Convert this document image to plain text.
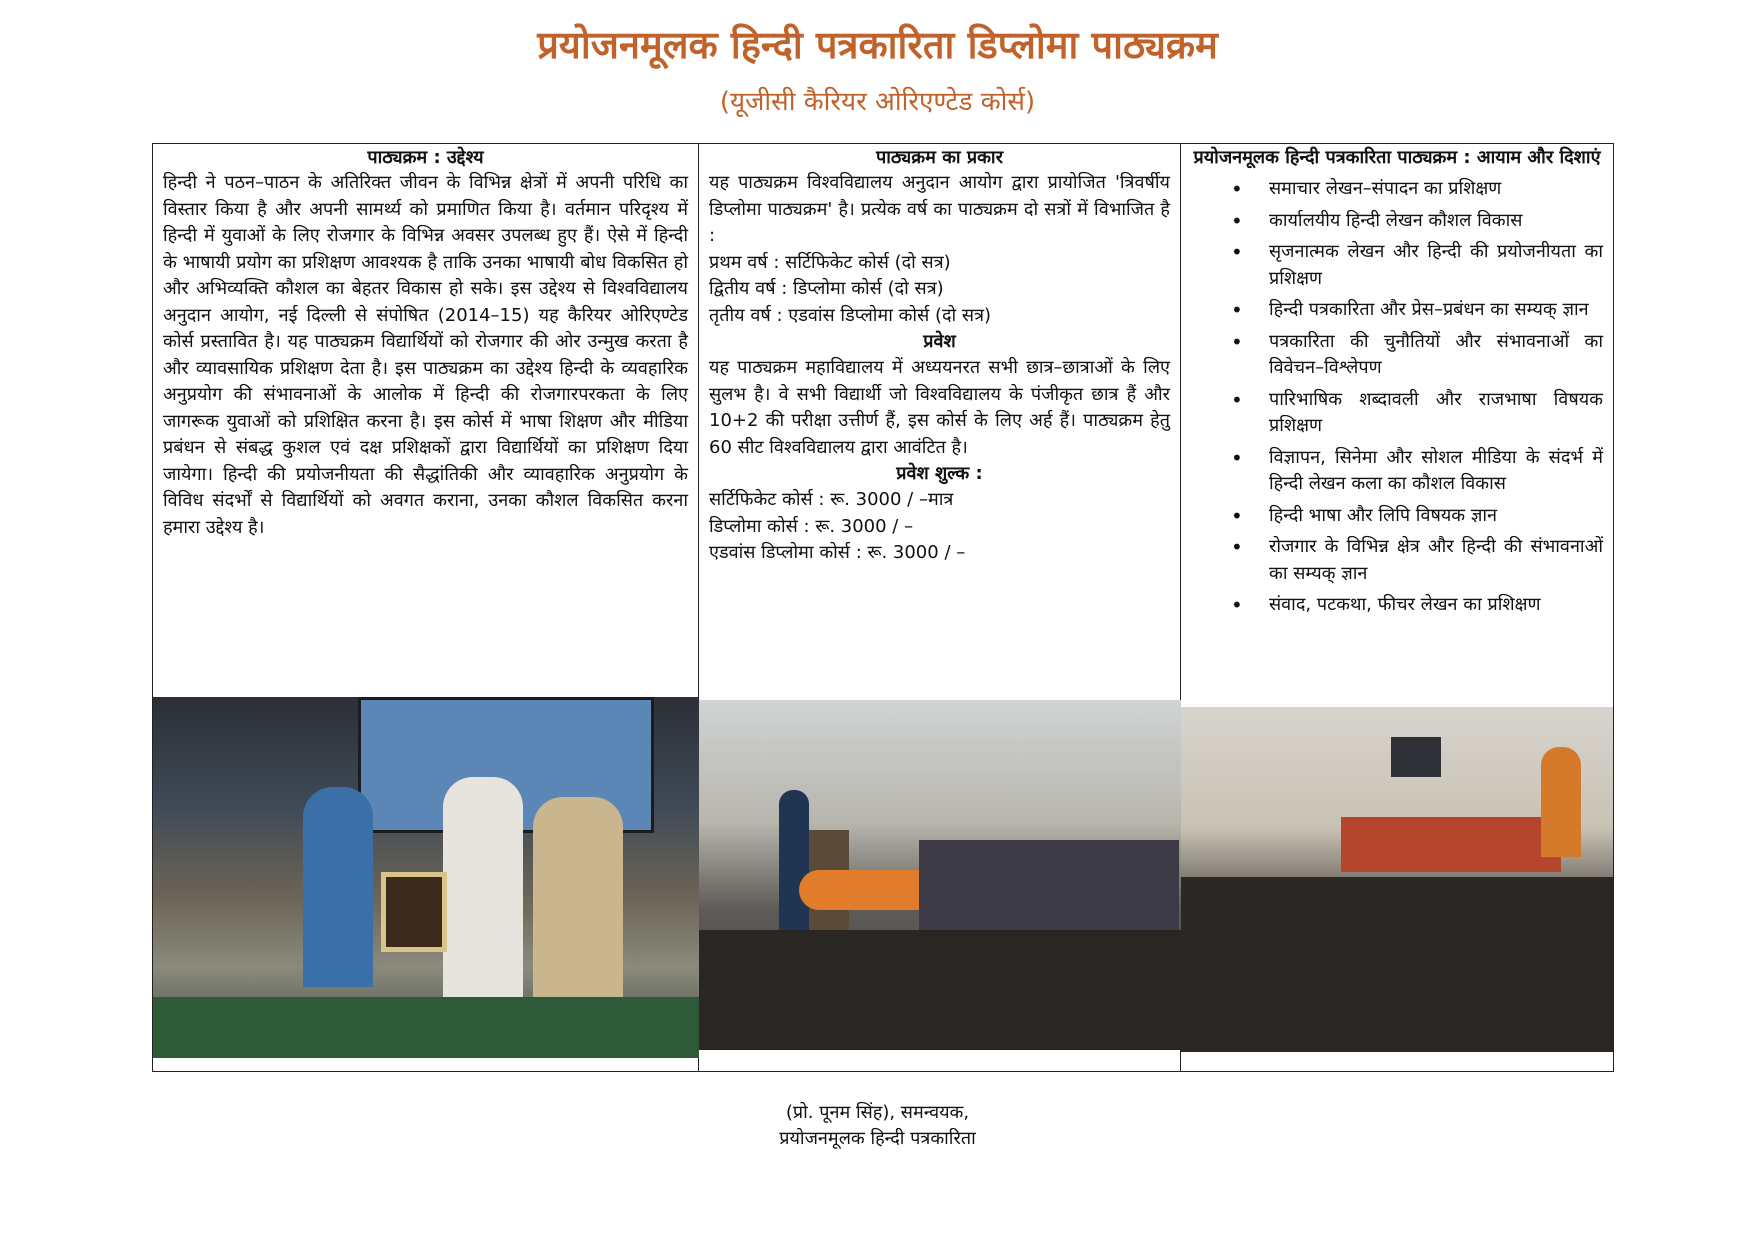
प्रयोजनमूलक हिन्दी पत्रकारिता डिप्लोमा पाठ्यक्रम
(यूजीसी कैरियर ओरिएण्टेड कोर्स)
पाठ्यक्रम : उद्देश्य

हिन्दी ने पठन–पाठन के अतिरिक्त जीवन के विभिन्न क्षेत्रों में अपनी परिधि का विस्तार किया है और अपनी सामर्थ्य को प्रमाणित किया है। वर्तमान परिदृश्य में हिन्दी में युवाओं के लिए रोजगार के विभिन्न अवसर उपलब्ध हुए हैं। ऐसे में हिन्दी के भाषायी प्रयोग का प्रशिक्षण आवश्यक है ताकि उनका भाषायी बोध विकसित हो और अभिव्यक्ति कौशल का बेहतर विकास हो सके। इस उद्देश्य से विश्वविद्यालय अनुदान आयोग, नई दिल्ली से संपोषित (2014–15) यह कैरियर ओरिएण्टेड कोर्स प्रस्तावित है। यह पाठ्यक्रम विद्यार्थियों को रोजगार की ओर उन्मुख करता है और व्यावसायिक प्रशिक्षण देता है। इस पाठ्यक्रम का उद्देश्य हिन्दी के व्यवहारिक अनुप्रयोग की संभावनाओं के आलोक में हिन्दी की रोजगारपरकता के लिए जागरूक युवाओं को प्रशिक्षित करना है। इस कोर्स में भाषा शिक्षण और मीडिया प्रबंधन से संबद्ध कुशल एवं दक्ष प्रशिक्षकों द्वारा विद्यार्थियों का प्रशिक्षण दिया जायेगा। हिन्दी की प्रयोजनीयता की सैद्धांतिकी और व्यावहारिक अनुप्रयोग के विविध संदर्भों से विद्यार्थियों को अवगत कराना, उनका कौशल विकसित करना हमारा उद्देश्य है।

पाठ्यक्रम का प्रकार

यह पाठ्यक्रम विश्वविद्यालय अनुदान आयोग द्वारा प्रायोजित 'त्रिवर्षीय डिप्लोमा पाठ्यक्रम' है। प्रत्येक वर्ष का पाठ्यक्रम दो सत्रों में विभाजित है :

प्रथम वर्ष : सर्टिफिकेट कोर्स (दो सत्र)

द्वितीय वर्ष : डिप्लोमा कोर्स (दो सत्र)

तृतीय वर्ष : एडवांस डिप्लोमा कोर्स (दो सत्र)

प्रवेश

यह पाठ्यक्रम महाविद्यालय में अध्ययनरत सभी छात्र–छात्राओं के लिए सुलभ है। वे सभी विद्यार्थी जो विश्वविद्यालय के पंजीकृत छात्र हैं और 10+2 की परीक्षा उत्तीर्ण हैं, इस कोर्स के लिए अर्ह हैं। पाठ्यक्रम हेतु 60 सीट विश्वविद्यालय द्वारा आवंटित है।

प्रवेश शुल्क :

सर्टिफिकेट कोर्स : रू. 3000 / –मात्र

डिप्लोमा कोर्स : रू. 3000 / –

एडवांस डिप्लोमा कोर्स : रू. 3000 / –

प्रयोजनमूलक हिन्दी पत्रकारिता पाठ्यक्रम : आयाम और दिशाएं
• समाचार लेखन–संपादन का प्रशिक्षण
• कार्यालयीय हिन्दी लेखन कौशल विकास
• सृजनात्मक लेखन और हिन्दी की प्रयोजनीयता का प्रशिक्षण
• हिन्दी पत्रकारिता और प्रेस–प्रबंधन का सम्यक् ज्ञान
• पत्रकारिता की चुनौतियों और संभावनाओं का विवेचन–विश्लेपण
• पारिभाषिक शब्दावली और राजभाषा विषयक प्रशिक्षण
• विज्ञापन, सिनेमा और सोशल मीडिया के संदर्भ में हिन्दी लेखन कला का कौशल विकास
• हिन्दी भाषा और लिपि विषयक ज्ञान
• रोजगार के विभिन्न क्षेत्र और हिन्दी की संभावनाओं का सम्यक् ज्ञान
• संवाद, पटकथा, फीचर लेखन का प्रशिक्षण
(प्रो. पूनम सिंह), समन्वयक,
प्रयोजनमूलक हिन्दी पत्रकारिता
